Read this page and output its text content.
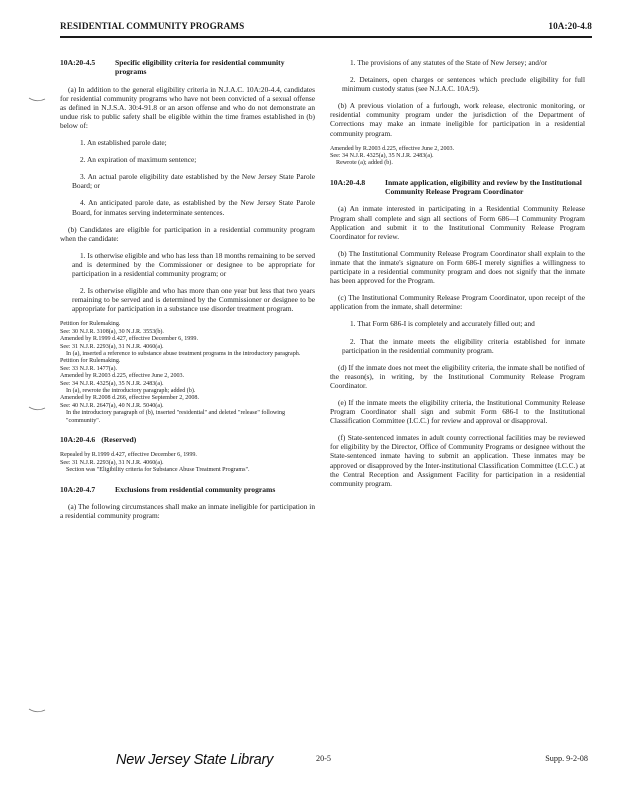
RESIDENTIAL COMMUNITY PROGRAMS	10A:20-4.8
10A:20-4.5	Specific eligibility criteria for residential community programs

(a) In addition to the general eligibility criteria in N.J.A.C. 10A:20-4.4, candidates for residential community programs who have not been convicted of a sexual offense as defined in N.J.S.A. 30:4-91.8 or an arson offense and who do not demonstrate an undue risk to public safety shall be eligible within the time frames established in (b) below of:

1. An established parole date;

2. An expiration of maximum sentence;

3. An actual parole eligibility date established by the New Jersey State Parole Board; or

4. An anticipated parole date, as established by the New Jersey State Parole Board, for inmates serving indeterminate sentences.

(b) Candidates are eligible for participation in a residential community program when the candidate:

1. Is otherwise eligible and who has less than 18 months remaining to be served and is determined by the Commissioner or designee to be appropriate for participation in a residential community program; or

2. Is otherwise eligible and who has more than one year but less that two years remaining to be served and is determined by the Commissioner or designee to be appropriate for participation in a substance use disorder treatment program.

Petition for Rulemaking.
See: 30 N.J.R. 3108(a), 30 N.J.R. 3553(b).
Amended by R.1999 d.427, effective December 6, 1999.
See: 31 N.J.R. 2293(a), 31 N.J.R. 4060(a).
In (a), inserted a reference to substance abuse treatment programs in the introductory paragraph.
Petition for Rulemaking.
See: 33 N.J.R. 1477(a).
Amended by R.2003 d.225, effective June 2, 2003.
See: 34 N.J.R. 4325(a), 35 N.J.R. 2483(a).
In (a), rewrote the introductory paragraph; added (b).
Amended by R.2008 d.266, effective September 2, 2008.
See: 40 N.J.R. 2647(a), 40 N.J.R. 5040(a).
In the introductory paragraph of (b), inserted "residential" and deleted "release" following "community".
10A:20-4.6 (Reserved)
Repealed by R.1999 d.427, effective December 6, 1999.
See: 31 N.J.R. 2293(a), 31 N.J.R. 4060(a).
Section was "Eligibility criteria for Substance Abuse Treatment Programs".
10A:20-4.7	Exclusions from residential community programs

(a) The following circumstances shall make an inmate ineligible for participation in a residential community program:

1. The provisions of any statutes of the State of New Jersey; and/or

2. Detainers, open charges or sentences which preclude eligibility for full minimum custody status (see N.J.A.C. 10A:9).

(b) A previous violation of a furlough, work release, electronic monitoring, or residential community program under the jurisdiction of the Department of Corrections may make an inmate ineligible for participation in a residential community program.

Amended by R.2003 d.225, effective June 2, 2003.
See: 34 N.J.R. 4325(a), 35 N.J.R. 2483(a).
Rewrote (a); added (b).
10A:20-4.8	Inmate application, eligibility and review by the Institutional Community Release Program Coordinator

(a) An inmate interested in participating in a Residential Community Release Program shall complete and sign all sections of Form 686—I Community Program Application and submit it to the Institutional Community Release Program Coordinator for review.

(b) The Institutional Community Release Program Coordinator shall explain to the inmate that the inmate's signature on Form 686-I merely signifies a willingness to participate in a residential community program and does not signify that the inmate has been approved for the Program.

(c) The Institutional Community Release Program Coordinator, upon receipt of the application from the inmate, shall determine:

1. That Form 686-I is completely and accurately filled out; and

2. That the inmate meets the eligibility criteria established for inmate participation in the residential community program.

(d) If the inmate does not meet the eligibility criteria, the inmate shall be notified of the reason(s), in writing, by the Institutional Community Release Program Coordinator.

(e) If the inmate meets the eligibility criteria, the Institutional Community Release Program Coordinator shall sign and submit Form 686-I to the Institutional Classification Committee (I.C.C.) for review and approval or disapproval.

(f) State-sentenced inmates in adult county correctional facilities may be reviewed for eligibility by the Director, Office of Community Programs or designee without the State-sentenced inmate having to submit an application. These inmates may be approved or disapproved by the Inter-institutional Classification Committee (I.C.C.) at the Central Reception and Assignment Facility for participation in a residential community program.

New Jersey State Library	20-5	Supp. 9-2-08
